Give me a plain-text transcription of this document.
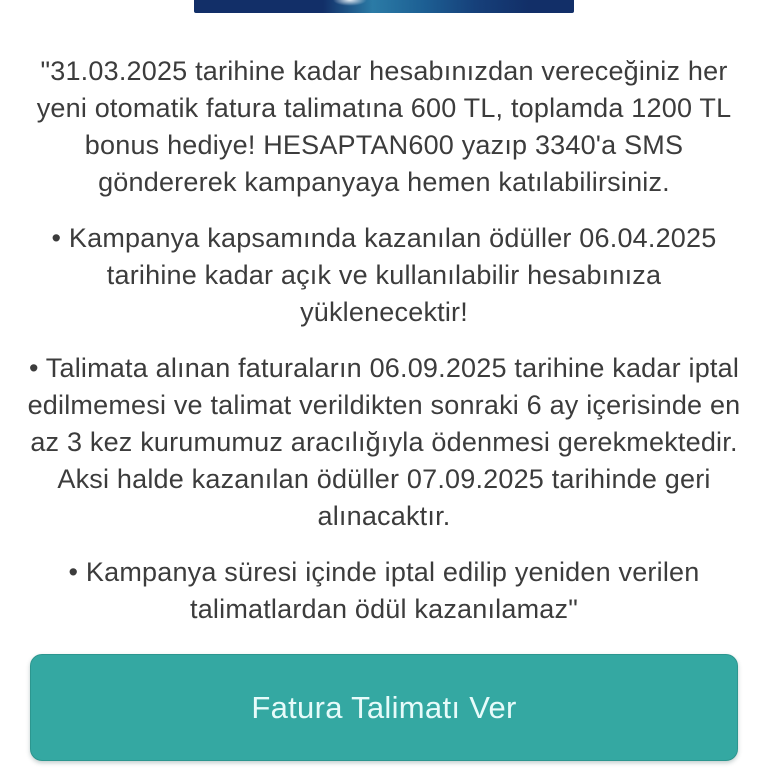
"31.03.2025 tarihine kadar hesabınızdan vereceğiniz her yeni otomatik fatura talimatına 600 TL, toplamda 1200 TL bonus hediye! HESAPTAN600 yazıp 3340'a SMS göndererek kampanyaya hemen katılabilirsiniz.

• Kampanya kapsamında kazanılan ödüller 06.04.2025 tarihine kadar açık ve kullanılabilir hesabınıza yüklenecektir!

• Talimata alınan faturaların 06.09.2025 tarihine kadar iptal edilmemesi ve talimat verildikten sonraki 6 ay içerisinde en az 3 kez kurumumuz aracılığıyla ödenmesi gerekmektedir. Aksi halde kazanılan ödüller 07.09.2025 tarihinde geri alınacaktır.

• Kampanya süresi içinde iptal edilip yeniden verilen talimatlardan ödül kazanılamaz"

Fatura Talimatı Ver
